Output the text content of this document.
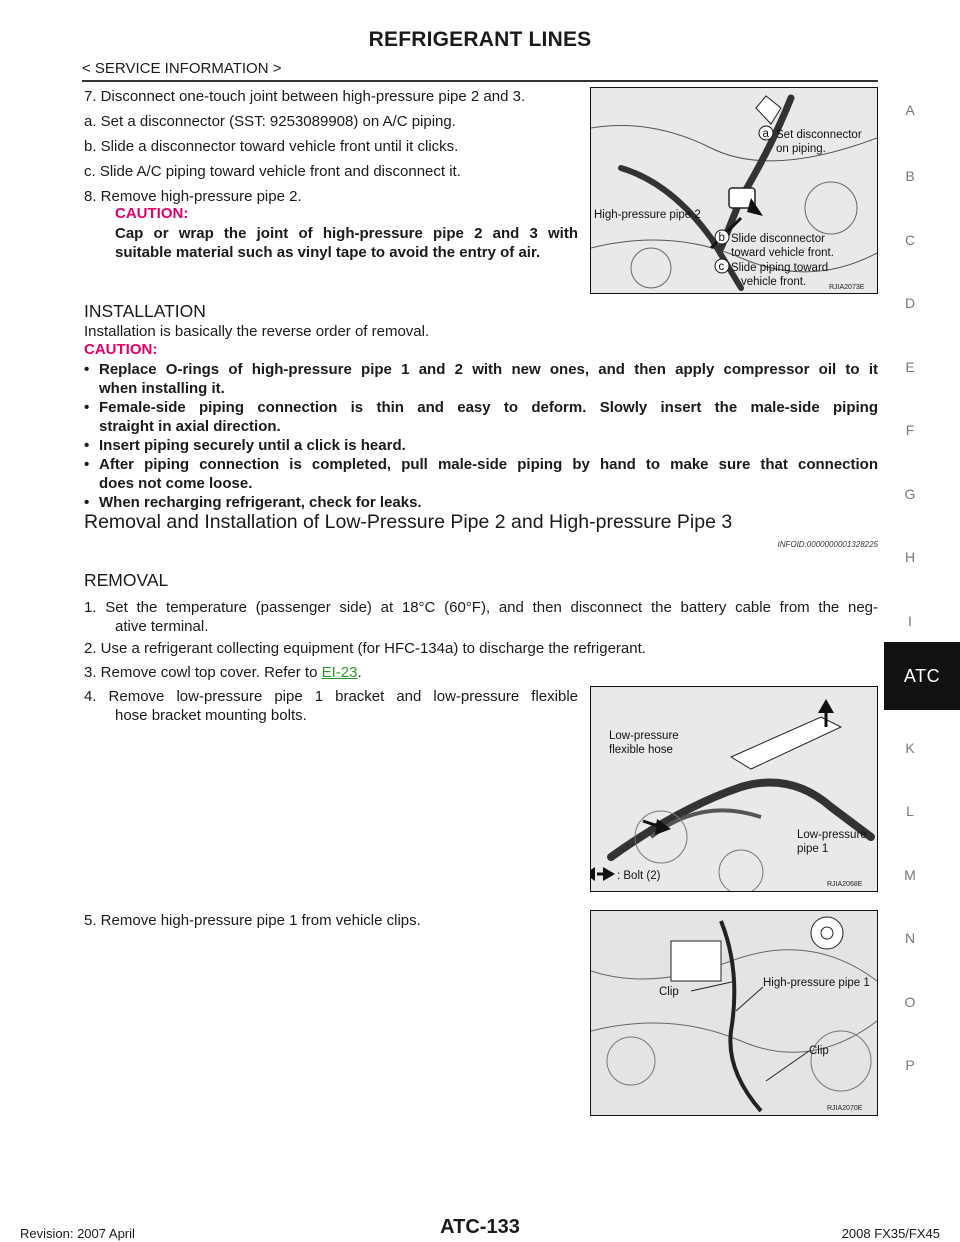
REFRIGERANT LINES
< SERVICE INFORMATION >
A
B
C
D
E
F
G
H
I
K
L
M
N
O
P
ATC
7. Disconnect one-touch joint between high-pressure pipe 2 and 3.
a. Set a disconnector (SST: 9253089908) on A/C piping.
b. Slide a disconnector toward vehicle front until it clicks.
c. Slide A/C piping toward vehicle front and disconnect it.
8. Remove high-pressure pipe 2.
CAUTION:
Cap or wrap the joint of high-pressure pipe 2 and 3 with
suitable material such as vinyl tape to avoid the entry of air.
a Set disconnector
on piping.
High-pressure pipe 2
b Slide disconnector
toward vehicle front.
c Slide piping toward
vehicle front.	RJIA2073E
INSTALLATION
Installation is basically the reverse order of removal.
CAUTION:
• Replace O-rings of high-pressure pipe 1 and 2 with new ones, and then apply compressor oil to it
when installing it.
• Female-side piping connection is thin and easy to deform. Slowly insert the male-side piping
straight in axial direction.
• Insert piping securely until a click is heard.
• After piping connection is completed, pull male-side piping by hand to make sure that connection
does not come loose.
• When recharging refrigerant, check for leaks.
Removal and Installation of Low-Pressure Pipe 2 and High-pressure Pipe 3
INFOID:0000000001328225
REMOVAL
1. Set the temperature (passenger side) at 18°C (60°F), and then disconnect the battery cable from the neg-
ative terminal.
2. Use a refrigerant collecting equipment (for HFC-134a) to discharge the refrigerant.
3. Remove cowl top cover. Refer to EI-23.
4. Remove low-pressure pipe 1 bracket and low-pressure flexible
hose bracket mounting bolts.
Low-pressure
flexible hose
Low-pressure
pipe 1
: Bolt (2)
RJIA2068E
5. Remove high-pressure pipe 1 from vehicle clips.
Clip
High-pressure pipe 1
Clip
RJIA2070E
Revision: 2007 April	ATC-133	2008 FX35/FX45
